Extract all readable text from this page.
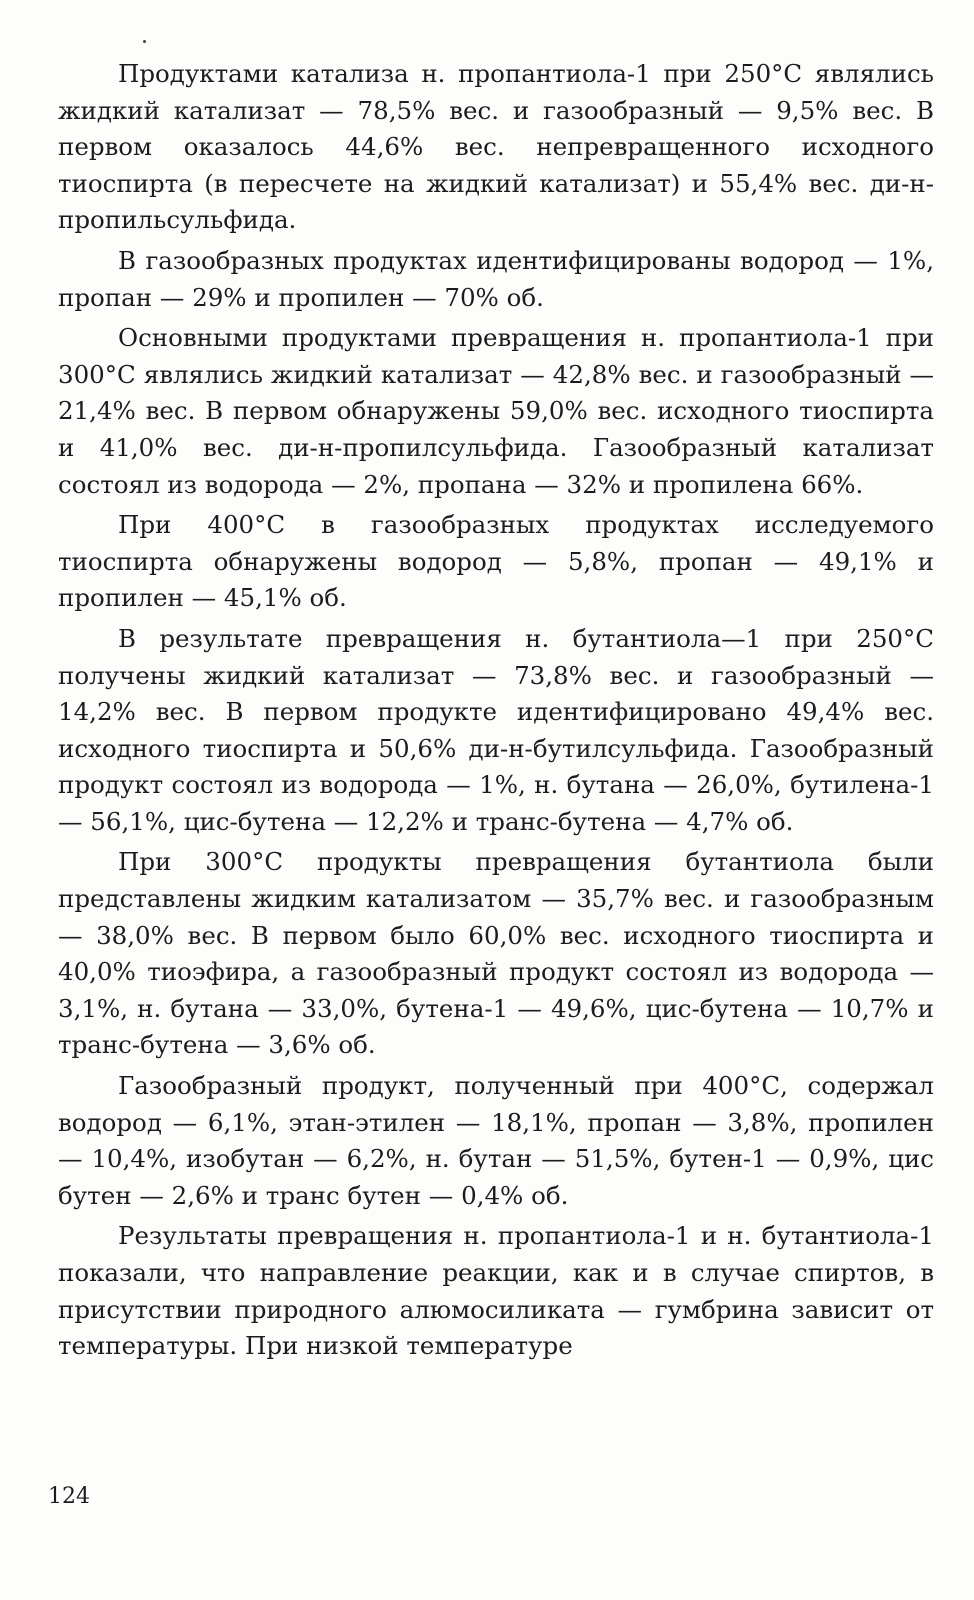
Продуктами катализа н. пропантиола-1 при 250°С являлись жидкий катализат — 78,5% вес. и газообразный — 9,5% вес. В первом оказалось 44,6% вес. непревращенного исходного тиоспирта (в пересчете на жидкий катализат) и 55,4% вес. ди-н-пропильсульфида.

В газообразных продуктах идентифицированы водород — 1%, пропан — 29% и пропилен — 70% об.

Основными продуктами превращения н. пропантиола-1 при 300°С являлись жидкий катализат — 42,8% вес. и газообразный — 21,4% вес. В первом обнаружены 59,0% вес. исходного тиоспирта и 41,0% вес. ди-н-пропилсульфида. Газообразный катализат состоял из водорода — 2%, пропана — 32% и пропилена 66%.

При 400°С в газообразных продуктах исследуемого тиоспирта обнаружены водород — 5,8%, пропан — 49,1% и пропилен — 45,1% об.

В результате превращения н. бутантиола—1 при 250°С получены жидкий катализат — 73,8% вес. и газообразный — 14,2% вес. В первом продукте идентифицировано 49,4% вес. исходного тиоспирта и 50,6% ди-н-бутилсульфида. Газообразный продукт состоял из водорода — 1%, н. бутана — 26,0%, бутилена-1 — 56,1%, цис-бутена — 12,2% и транс-бутена — 4,7% об.

При 300°С продукты превращения бутантиола были представлены жидким катализатом — 35,7% вес. и газообразным — 38,0% вес. В первом было 60,0% вес. исходного тиоспирта и 40,0% тиоэфира, а газообразный продукт состоял из водорода — 3,1%, н. бутана — 33,0%, бутена-1 — 49,6%, цис-бутена — 10,7% и транс-бутена — 3,6% об.

Газообразный продукт, полученный при 400°С, содержал водород — 6,1%, этан-этилен — 18,1%, пропан — 3,8%, пропилен — 10,4%, изобутан — 6,2%, н. бутан — 51,5%, бутен-1 — 0,9%, цис бутен — 2,6% и транс бутен — 0,4% об.

Результаты превращения н. пропантиола-1 и н. бутантиола-1 показали, что направление реакции, как и в случае спиртов, в присутствии природного алюмосиликата — гумбрина зависит от температуры. При низкой температуре

124
